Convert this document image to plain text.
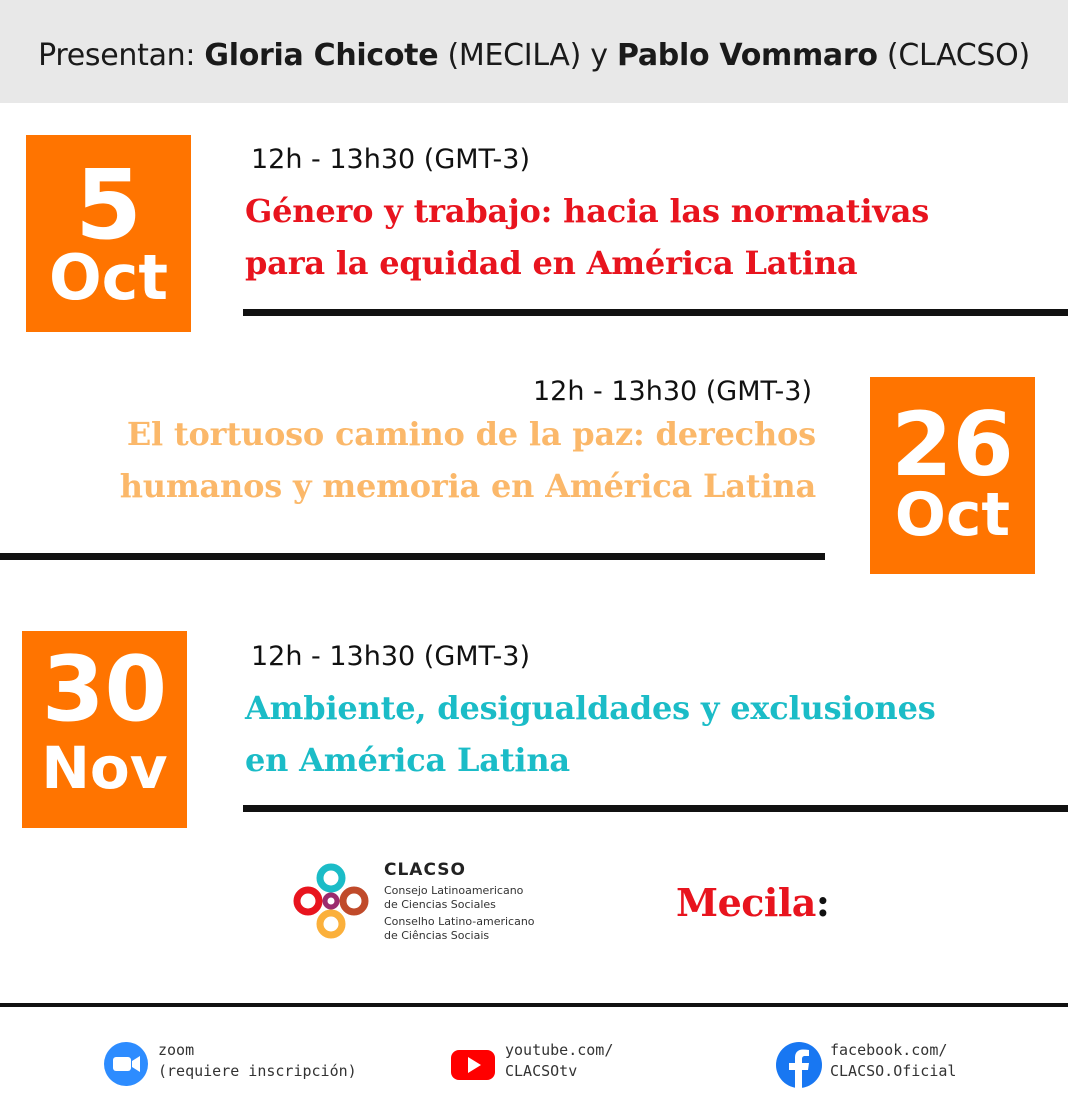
Presentan: Gloria Chicote (MECILA) y Pablo Vommaro (CLACSO)
5
Oct
12h - 13h30 (GMT-3)
Género y trabajo: hacia las normativas
para la equidad en América Latina
12h - 13h30 (GMT-3)
El tortuoso camino de la paz: derechos
humanos y memoria en América Latina 26
Oct
30
Nov
12h - 13h30 (GMT-3)
Ambiente, desigualdades y exclusiones
en América Latina
CLACSO
Consejo Latinoamericano
de Ciencias Sociales
Conselho Latino-americano
de Ciências Sociais
Mecila:
zoom
(requiere inscripción)
youtube.com/
CLACSOtv
facebook.com/
CLACSO.Oficial
